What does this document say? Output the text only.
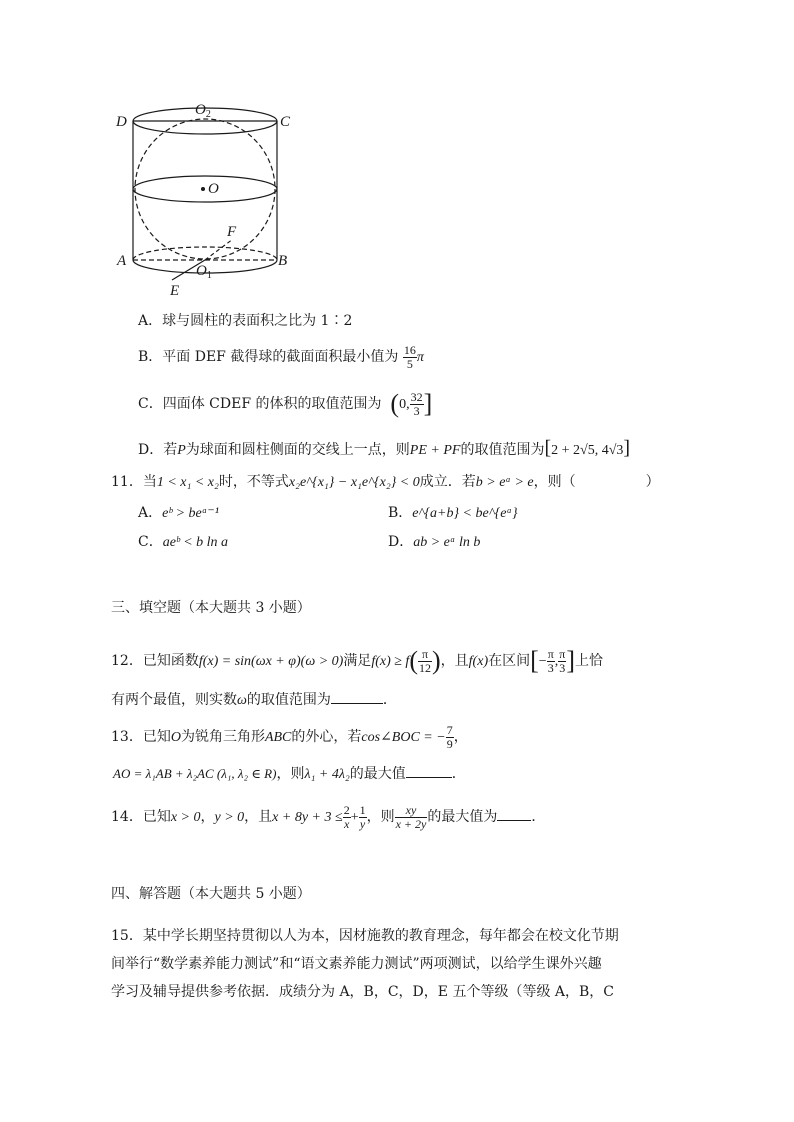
D	C
$O_2$
O
A	B
$O_1$
E
F
A．球与圆柱的表面积之比为 1∶2
B．平面 DEF 截得球的截面面积最小值为 $\frac{16}{5}$ π
C．四面体 CDEF 的体积的取值范围为 (0, $\frac{32}{3}$ ]
D．若P为球面和圆柱侧面的交线上一点，则PE + PF的取值范围为[2 + 2√5, 4√3]
11．当1 < x₁ < x₂时，不等式x₂e^{x₁} − x₁e^{x₂} < 0成立．若b > eᵃ > e，则（　　　　　）
A．eᵇ > beᵃ⁻¹	B．e^{a+b} < be^{eᵃ}
C．aeᵇ < b ln a	D．ab > eᵃ ln b
三、填空题（本大题共 3 小题）
12．已知函数f(x) = sin(ωx + φ)(ω > 0)满足$f(x) \ge f( \frac{\pi}{12}$ )，且f(x)在区间[− $\frac{\pi}{3}$ , $\frac{\pi}{3}$ ]上恰
有两个最值，则实数ω的取值范围为	．
13．已知O为锐角三角形ABC的外心，若cos∠BOC = − $\frac{7}{9}$ ，
AO = λ₁AB + λ₂AC (λ₁, λ₂ ∈ R)，则λ₁ + 4λ₂的最大值	．
14．已知x > 0，y > 0，且$x + 8y + 3 \le \frac{2}{x} + \frac{1}{y}$ ，则 $\frac{xy}{x + 2y}$ 的最大值为 ．
四、解答题（本大题共 5 小题）
15．某中学长期坚持贯彻以人为本，因材施教的教育理念，每年都会在校文化节期
间举行“数学素养能力测试”和“语文素养能力测试”两项测试，以给学生课外兴趣
学习及辅导提供参考依据．成绩分为 A，B，C，D，E 五个等级（等级 A，B，C
